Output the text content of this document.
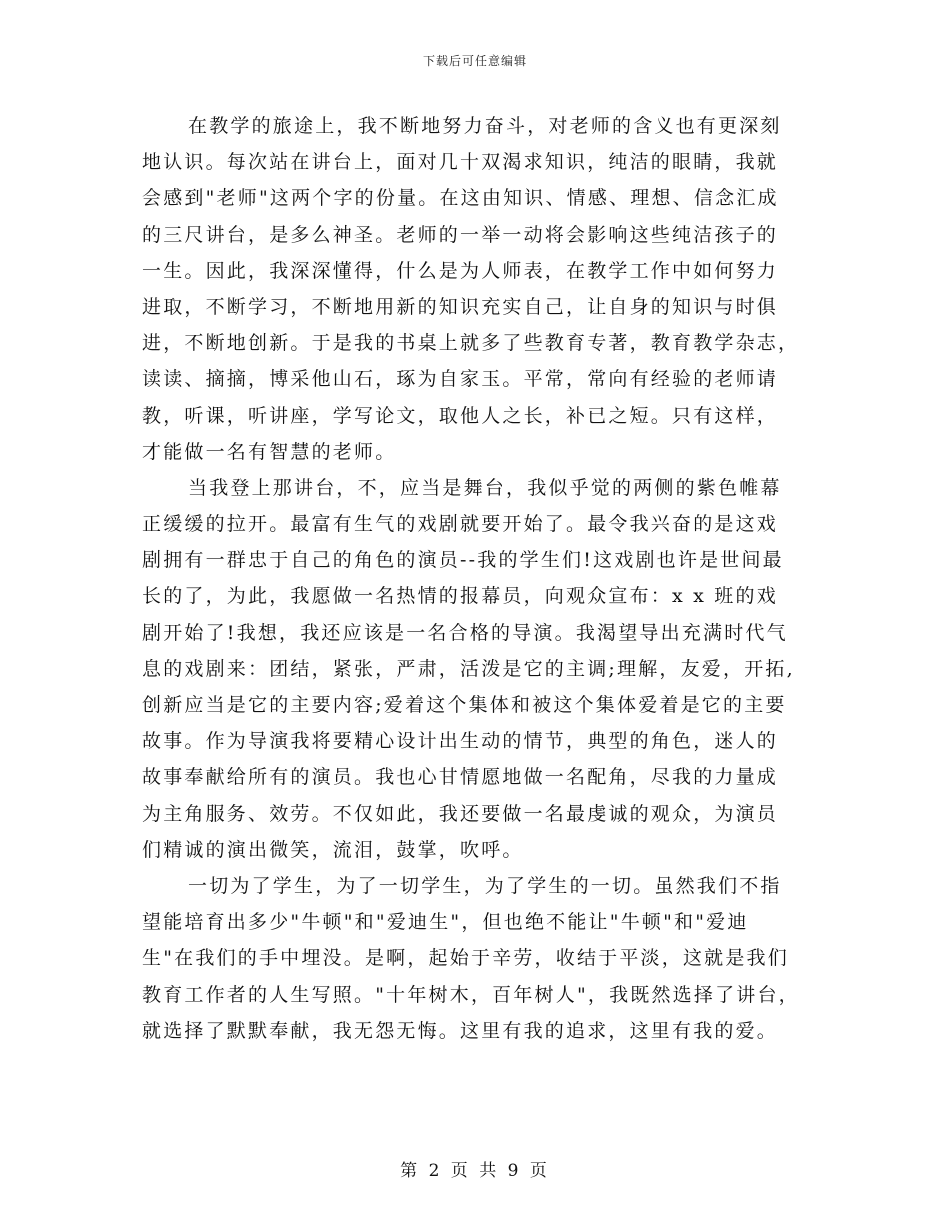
下载后可任意编辑
在教学的旅途上，我不断地努力奋斗，对老师的含义也有更深刻
地认识。每次站在讲台上，面对几十双渴求知识，纯洁的眼睛，我就
会感到"老师"这两个字的份量。在这由知识、情感、理想、信念汇成
的三尺讲台，是多么神圣。老师的一举一动将会影响这些纯洁孩子的
一生。因此，我深深懂得，什么是为人师表，在教学工作中如何努力
进取，不断学习，不断地用新的知识充实自己，让自身的知识与时俱
进，不断地创新。于是我的书桌上就多了些教育专著，教育教学杂志，
读读、摘摘，博采他山石，琢为自家玉。平常，常向有经验的老师请
教，听课，听讲座，学写论文，取他人之长，补已之短。只有这样，
才能做一名有智慧的老师。
当我登上那讲台，不，应当是舞台，我似乎觉的两侧的紫色帷幕
正缓缓的拉开。最富有生气的戏剧就要开始了。最令我兴奋的是这戏
剧拥有一群忠于自己的角色的演员--我的学生们!这戏剧也许是世间最
长的了，为此，我愿做一名热情的报幕员，向观众宣布：x x 班的戏
剧开始了!我想，我还应该是一名合格的导演。我渴望导出充满时代气
息的戏剧来：团结，紧张，严肃，活泼是它的主调;理解，友爱，开拓,
创新应当是它的主要内容;爱着这个集体和被这个集体爱着是它的主要
故事。作为导演我将要精心设计出生动的情节，典型的角色，迷人的
故事奉献给所有的演员。我也心甘情愿地做一名配角，尽我的力量成
为主角服务、效劳。不仅如此，我还要做一名最虔诚的观众，为演员
们精诚的演出微笑，流泪，鼓掌，吹呼。
一切为了学生，为了一切学生，为了学生的一切。虽然我们不指
望能培育出多少"牛顿"和"爱迪生"，但也绝不能让"牛顿"和"爱迪
生"在我们的手中埋没。是啊，起始于辛劳，收结于平淡，这就是我们
教育工作者的人生写照。"十年树木，百年树人"，我既然选择了讲台，
就选择了默默奉献，我无怨无悔。这里有我的追求，这里有我的爱。
第 2 页 共 9 页
